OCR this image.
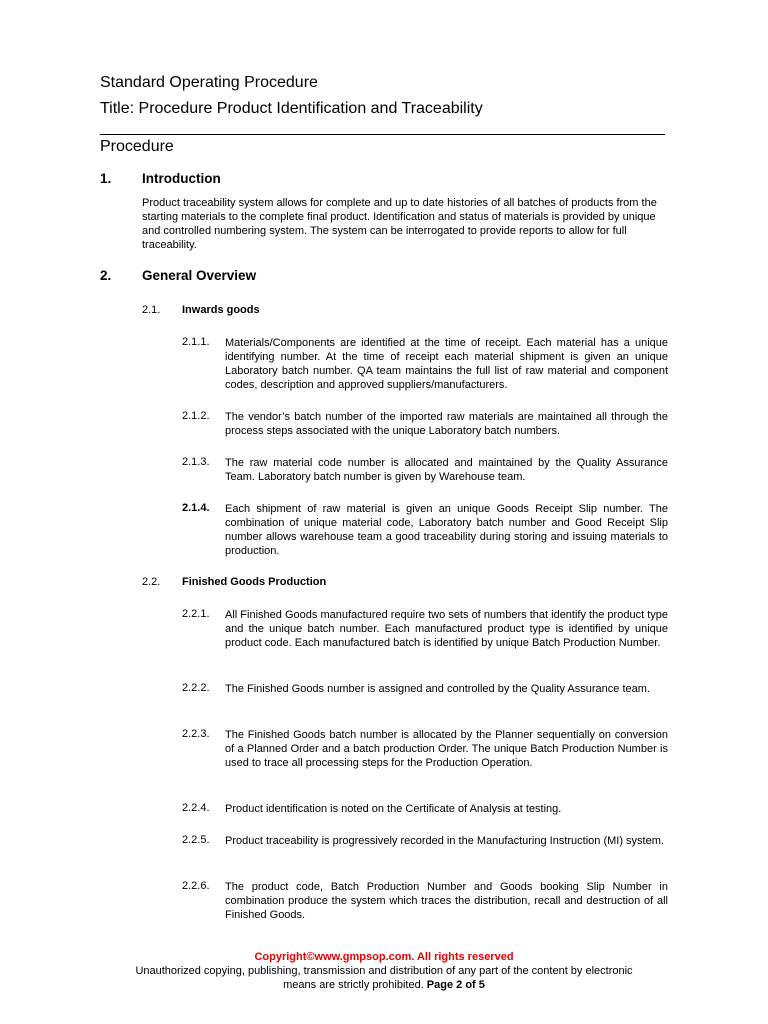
Standard Operating Procedure
Title: Procedure Product Identification and Traceability
Procedure
1. Introduction
Product traceability system allows for complete and up to date histories of all batches of products from the starting materials to the complete final product. Identification and status of materials is provided by unique and controlled numbering system. The system can be interrogated to provide reports to allow for full traceability.
2. General Overview
2.1. Inwards goods
2.1.1. Materials/Components are identified at the time of receipt. Each material has a unique identifying number. At the time of receipt each material shipment is given an unique Laboratory batch number. QA team maintains the full list of raw material and component codes, description and approved suppliers/manufacturers.
2.1.2. The vendor’s batch number of the imported raw materials are maintained all through the process steps associated with the unique Laboratory batch numbers.
2.1.3. The raw material code number is allocated and maintained by the Quality Assurance Team. Laboratory batch number is given by Warehouse team.
2.1.4. Each shipment of raw material is given an unique Goods Receipt Slip number. The combination of unique material code, Laboratory batch number and Good Receipt Slip number allows warehouse team a good traceability during storing and issuing materials to production.
2.2. Finished Goods Production
2.2.1. All Finished Goods manufactured require two sets of numbers that identify the product type and the unique batch number. Each manufactured product type is identified by unique product code. Each manufactured batch is identified by unique Batch Production Number.
2.2.2. The Finished Goods number is assigned and controlled by the Quality Assurance team.
2.2.3. The Finished Goods batch number is allocated by the Planner sequentially on conversion of a Planned Order and a batch production Order. The unique Batch Production Number is used to trace all processing steps for the Production Operation.
2.2.4. Product identification is noted on the Certificate of Analysis at testing.
2.2.5. Product traceability is progressively recorded in the Manufacturing Instruction (MI) system.
2.2.6. The product code, Batch Production Number and Goods booking Slip Number in combination produce the system which traces the distribution, recall and destruction of all Finished Goods.
Copyright©www.gmpsop.com. All rights reserved
Unauthorized copying, publishing, transmission and distribution of any part of the content by electronic
means are strictly prohibited. Page 2 of 5
